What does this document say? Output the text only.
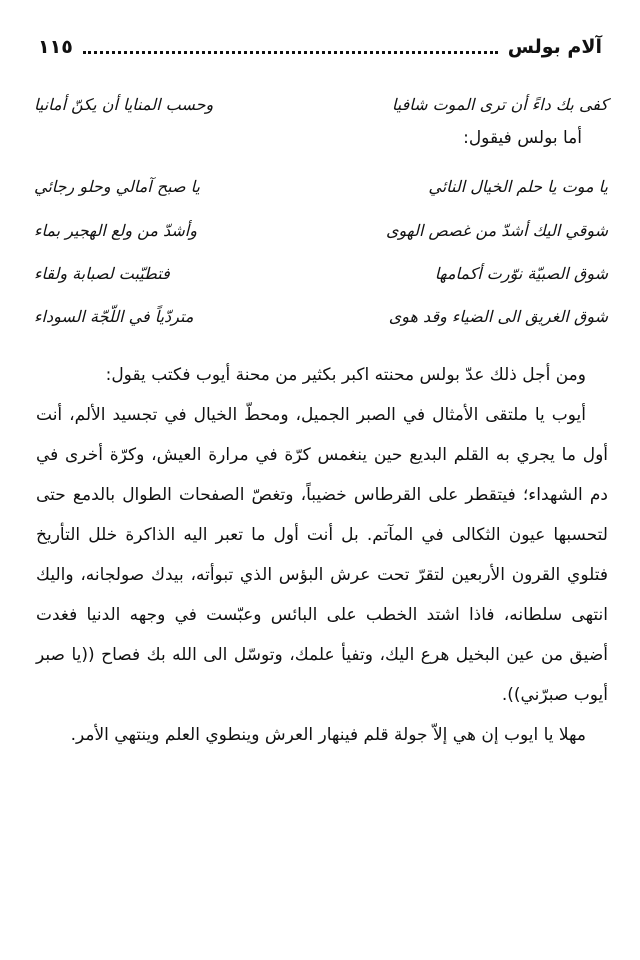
آلام بولس
١١٥
كفى بك داءً أن ترى الموت شافيا
وحسب المنايا أن يكنّ أمانيا
أما بولس فيقول:
يا موت يا حلم الخيال النائي
يا صبح آمالي وحلو رجائي
شوقي اليك أشدّ من غصص الهوى
وأشدّ من ولع الهجير بماء
شوق الصبيّة نوّرت أكمامها
فتطيّبت لصبابة ولقاء
شوق الغريق الى الضياء وقد هوى
متردّياً في اللّجّة السوداء

ومن أجل ذلك عدّ بولس محنته اكبر بكثير من محنة أيوب فكتب يقول:

أيوب يا ملتقى الأمثال في الصبر الجميل، ومحطّ الخيال في تجسيد الألم، أنت أول ما يجري به القلم البديع حين ينغمس كرّة في مرارة العيش، وكرّة أخرى في دم الشهداء؛ فيتقطر على القرطاس خضيباً، وتغصّ الصفحات الطوال بالدمع حتى لتحسبها عيون الثكالى في المآتم. بل أنت أول ما تعبر اليه الذاكرة خلل التأريخ فتلوي القرون الأربعين لتقرّ تحت عرش البؤس الذي تبوأته، بيدك صولجانه، واليك انتهى سلطانه، فاذا اشتد الخطب على البائس وعبّست في وجهه الدنيا فغدت أضيق من عين البخيل هرع اليك، وتفيأ علمك، وتوسّل الى الله بك فصاح ((يا صبر أيوب صبرّني)).

مهلا يا ايوب إن هي إلاّ جولة قلم فينهار العرش وينطوي العلم وينتهي الأمر.
